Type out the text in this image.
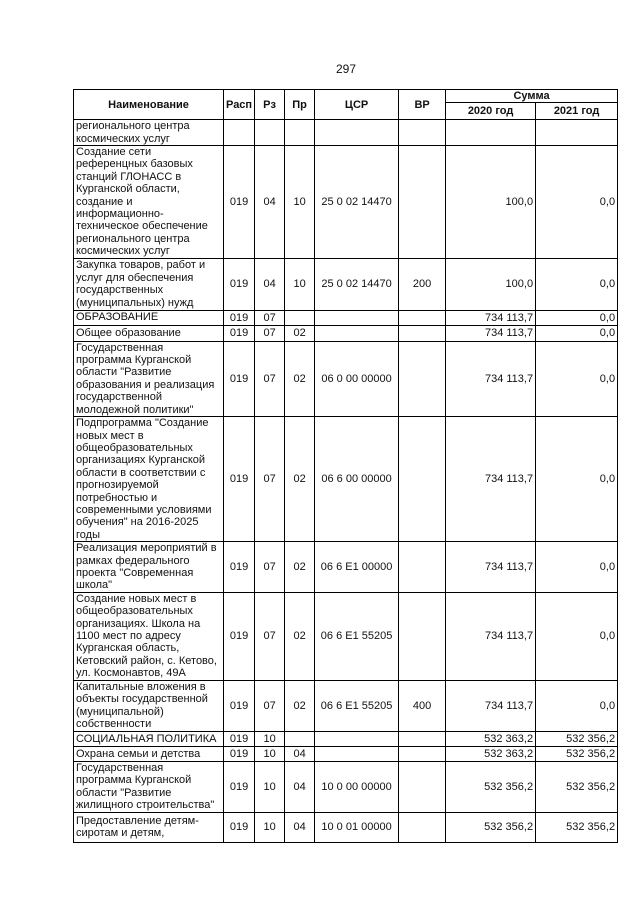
297
Наименование	Расп	Рз	Пр	ЦСР	ВР	Сумма	
						2020 год	2021 год
регионального центра космических услуг							
Создание сети референцных базовых станций ГЛОНАСС в Курганской области, создание и информационно-техническое обеспечение регионального центра космических услуг	019	04	10	25 0 02 14470		100,0	0,0
Закупка товаров, работ и услуг для обеспечения государственных (муниципальных) нужд	019	04	10	25 0 02 14470	200	100,0	0,0
ОБРАЗОВАНИЕ	019	07				734 113,7	0,0
Общее образование	019	07	02			734 113,7	0,0
Государственная программа Курганской области "Развитие образования и реализация государственной молодежной политики"	019	07	02	06 0 00 00000		734 113,7	0,0
Подпрограмма "Создание новых мест в общеобразовательных организациях Курганской области в соответствии с прогнозируемой потребностью и современными условиями обучения" на 2016-2025 годы	019	07	02	06 6 00 00000		734 113,7	0,0
Реализация мероприятий в рамках федерального проекта "Современная школа"	019	07	02	06 6 E1 00000		734 113,7	0,0
Создание новых мест в общеобразовательных организациях. Школа на 1100 мест по адресу Курганская область, Кетовский район, с. Кетово, ул. Космонавтов, 49А	019	07	02	06 6 E1 55205		734 113,7	0,0
Капитальные вложения в объекты государственной (муниципальной) собственности	019	07	02	06 6 E1 55205	400	734 113,7	0,0
СОЦИАЛЬНАЯ ПОЛИТИКА	019	10				532 363,2	532 356,2
Охрана семьи и детства	019	10	04			532 363,2	532 356,2
Государственная программа Курганской области "Развитие жилищного строительства"	019	10	04	10 0 00 00000		532 356,2	532 356,2
Предоставление детям-сиротам и детям,	019	10	04	10 0 01 00000		532 356,2	532 356,2
